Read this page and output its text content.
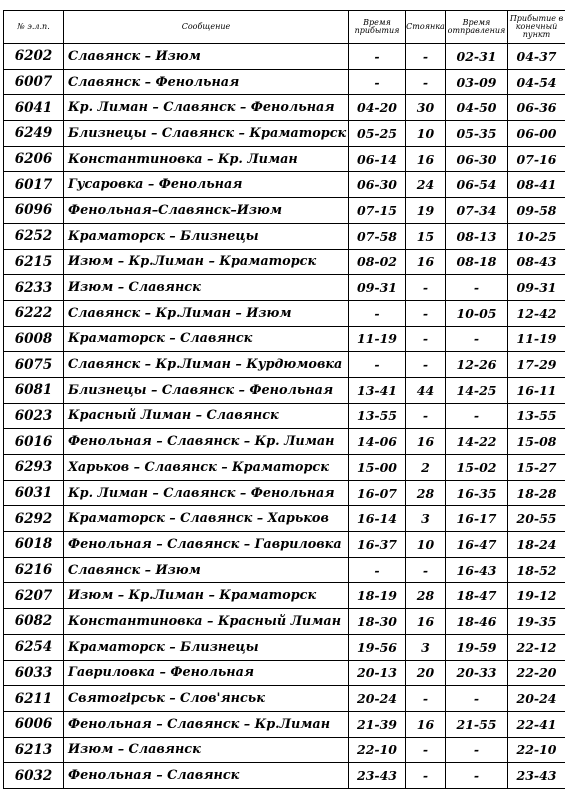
№ э.л.п.	Сообщение	Время прибытия	Стоянка	Время отправления	Прибытие в конечный пункт
6202	Славянск – Изюм	-	-	02-31	04-37
6007	Славянск – Фенольная	-	-	03-09	04-54
6041	Кр. Лиман – Славянск – Фенольная	04-20	30	04-50	06-36
6249	Близнецы – Славянск – Краматорск	05-25	10	05-35	06-00
6206	Константиновка – Кр. Лиман	06-14	16	06-30	07-16
6017	Гусаровка – Фенольная	06-30	24	06-54	08-41
6096	Фенольная–Славянск–Изюм	07-15	19	07-34	09-58
6252	Краматорск – Близнецы	07-58	15	08-13	10-25
6215	Изюм – Кр.Лиман – Краматорск	08-02	16	08-18	08-43
6233	Изюм – Славянск	09-31	-	-	09-31
6222	Славянск – Кр.Лиман – Изюм	-	-	10-05	12-42
6008	Краматорск – Славянск	11-19	-	-	11-19
6075	Славянск – Кр.Лиман – Курдюмовка	-	-	12-26	17-29
6081	Близнецы – Славянск – Фенольная	13-41	44	14-25	16-11
6023	Красный Лиман – Славянск	13-55	-	-	13-55
6016	Фенольная – Славянск – Кр. Лиман	14-06	16	14-22	15-08
6293	Харьков – Славянск – Краматорск	15-00	2	15-02	15-27
6031	Кр. Лиман – Славянск – Фенольная	16-07	28	16-35	18-28
6292	Краматорск – Славянск – Харьков	16-14	3	16-17	20-55
6018	Фенольная – Славянск – Гавриловка	16-37	10	16-47	18-24
6216	Славянск – Изюм	-	-	16-43	18-52
6207	Изюм – Кр.Лиман – Краматорск	18-19	28	18-47	19-12
6082	Константиновка – Красный Лиман	18-30	16	18-46	19-35
6254	Краматорск – Близнецы	19-56	3	19-59	22-12
6033	Гавриловка – Фенольная	20-13	20	20-33	22-20
6211	Святогірськ – Слов'янськ	20-24	-	-	20-24
6006	Фенольная – Славянск – Кр.Лиман	21-39	16	21-55	22-41
6213	Изюм – Славянск	22-10	-	-	22-10
6032	Фенольная – Славянск	23-43	-	-	23-43
